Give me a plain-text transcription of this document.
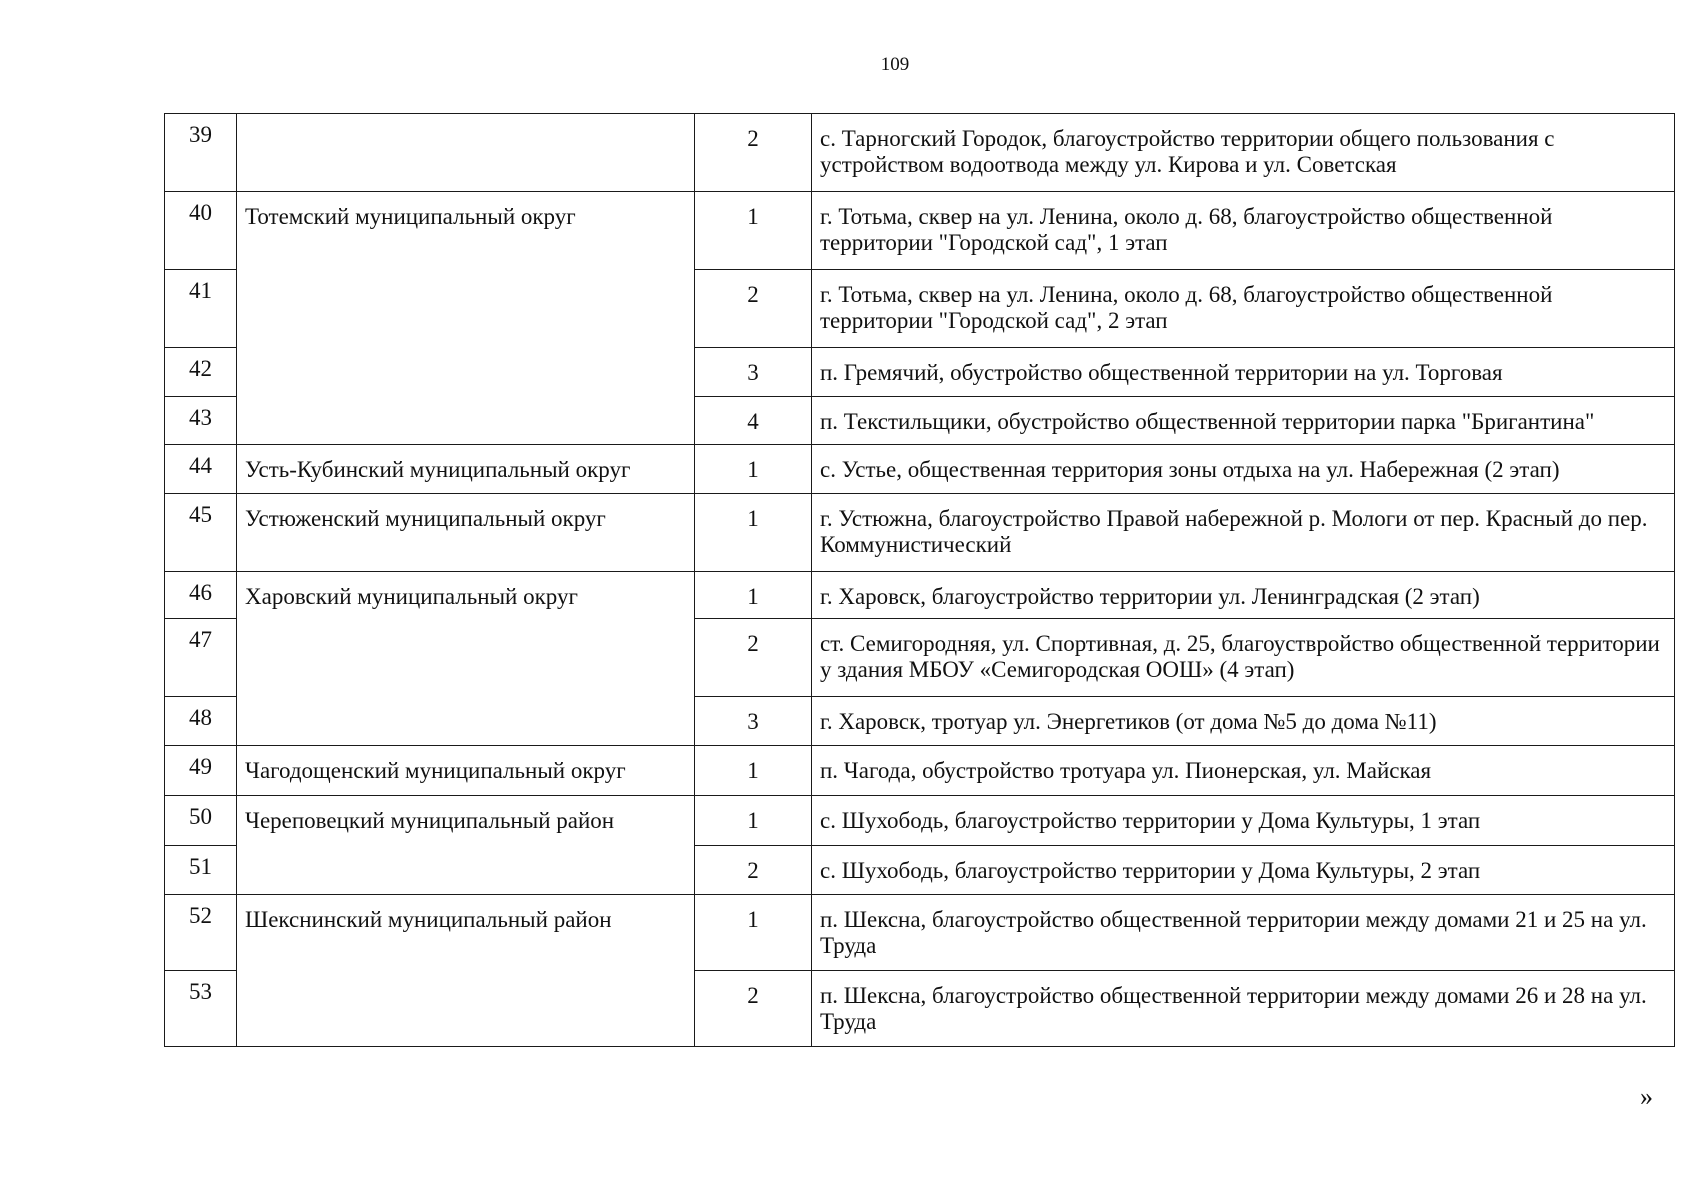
109
39		2	с. Тарногский Городок, благоустройство территории общего пользования с устройством водоотвода между ул. Кирова и ул. Советская
40	Тотемский муниципальный округ	1	г. Тотьма, сквер на ул. Ленина, около д. 68, благоустройство общественной территории "Городской сад", 1 этап
41		2	г. Тотьма, сквер на ул. Ленина, около д. 68, благоустройство общественной территории "Городской сад", 2 этап
42		3	п. Гремячий, обустройство общественной территории на ул. Торговая
43		4	п. Текстильщики, обустройство общественной территории парка "Бригантина"
44	Усть-Кубинский муниципальный округ	1	с. Устье, общественная территория зоны отдыха на ул. Набережная (2 этап)
45	Устюженский муниципальный округ	1	г. Устюжна, благоустройство Правой набережной р. Мологи от пер. Красный до пер. Коммунистический
46	Харовский муниципальный округ	1	г. Харовск, благоустройство территории ул. Ленинградская (2 этап)
47		2	ст. Семигородняя, ул. Спортивная, д. 25, благоуствройство общественной территории у здания МБОУ «Семигородская ООШ» (4 этап)
48		3	г. Харовск, тротуар ул. Энергетиков (от дома №5 до дома №11)
49	Чагодощенский муниципальный округ	1	п. Чагода, обустройство тротуара ул. Пионерская, ул. Майская
50	Череповецкий муниципальный район	1	с. Шухободь, благоустройство территории у Дома Культуры, 1 этап
51		2	с. Шухободь, благоустройство территории у Дома Культуры, 2 этап
52	Шекснинский муниципальный район	1	п. Шексна, благоустройство общественной территории между домами 21 и 25 на ул. Труда
53		2	п. Шексна, благоустройство общественной территории между домами 26 и 28 на ул. Труда
»
